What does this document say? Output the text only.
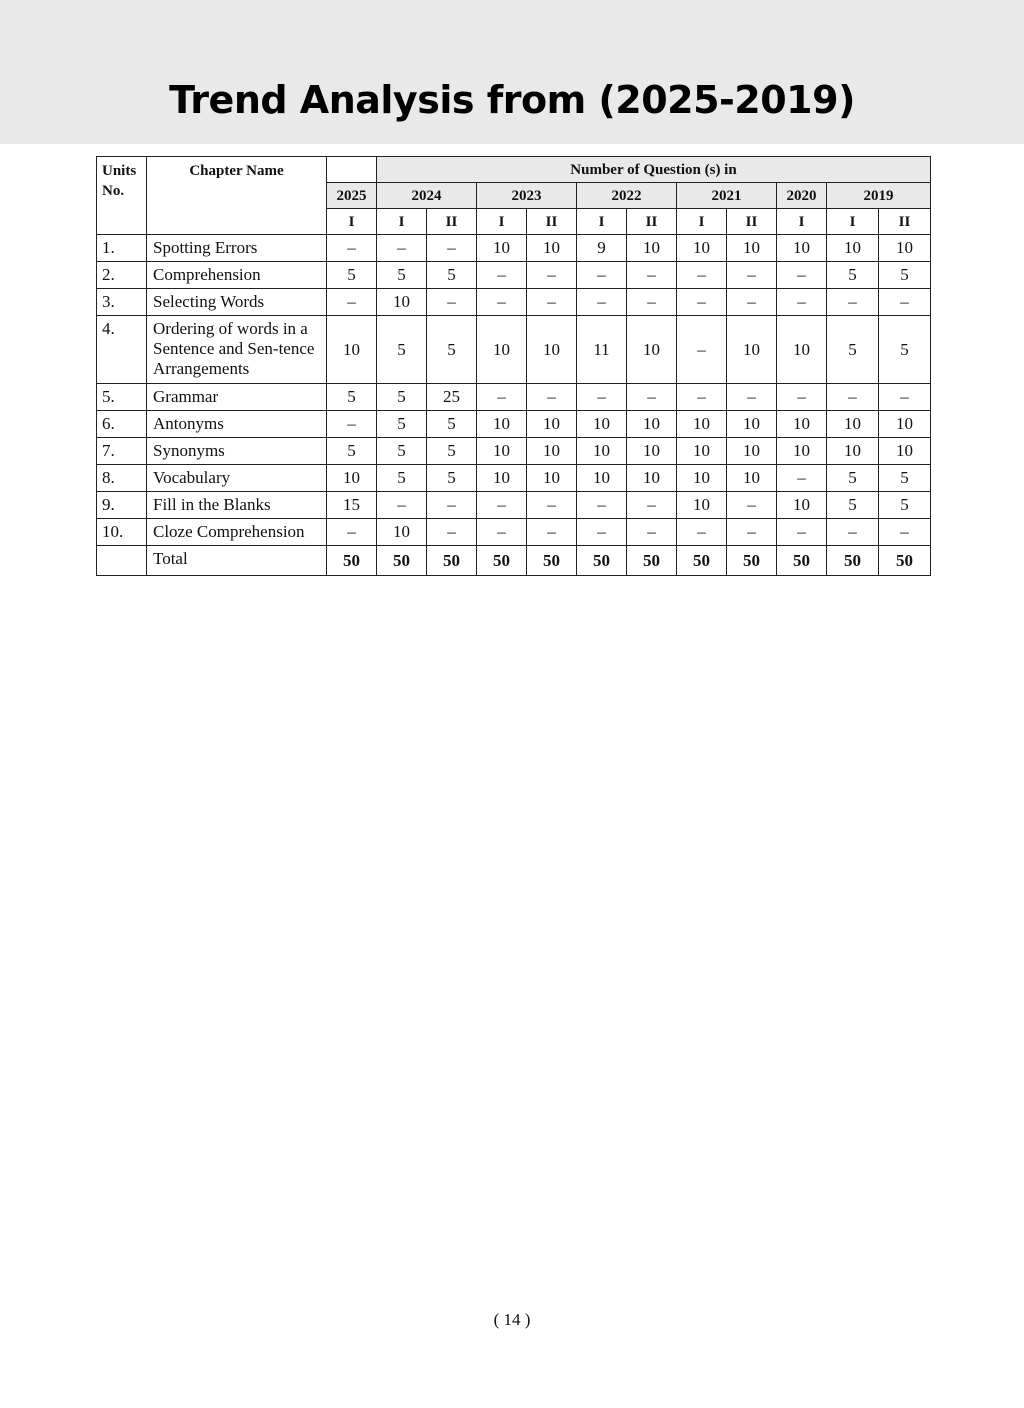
Trend Analysis from (2025-2019)
Units No.	Chapter Name		Number of Question (s) in										
		2025	2024		2023		2022		2021		2020	2019	
		I	I	II	I	II	I	II	I	II	I	I	II
1.	Spotting Errors	–	–	–	10	10	9	10	10	10	10	10	10
2.	Comprehension	5	5	5	–	–	–	–	–	–	–	5	5
3.	Selecting Words	–	10	–	–	–	–	–	–	–	–	–	–
4.	Ordering of words in a Sentence and Sen-tence Arrangements	10	5	5	10	10	11	10	–	10	10	5	5
5.	Grammar	5	5	25	–	–	–	–	–	–	–	–	–
6.	Antonyms	–	5	5	10	10	10	10	10	10	10	10	10
7.	Synonyms	5	5	5	10	10	10	10	10	10	10	10	10
8.	Vocabulary	10	5	5	10	10	10	10	10	10	–	5	5
9.	Fill in the Blanks	15	–	–	–	–	–	–	10	–	10	5	5
10.	Cloze Comprehension	–	10	–	–	–	–	–	–	–	–	–	–
	Total	50	50	50	50	50	50	50	50	50	50	50	50
( 14 )
